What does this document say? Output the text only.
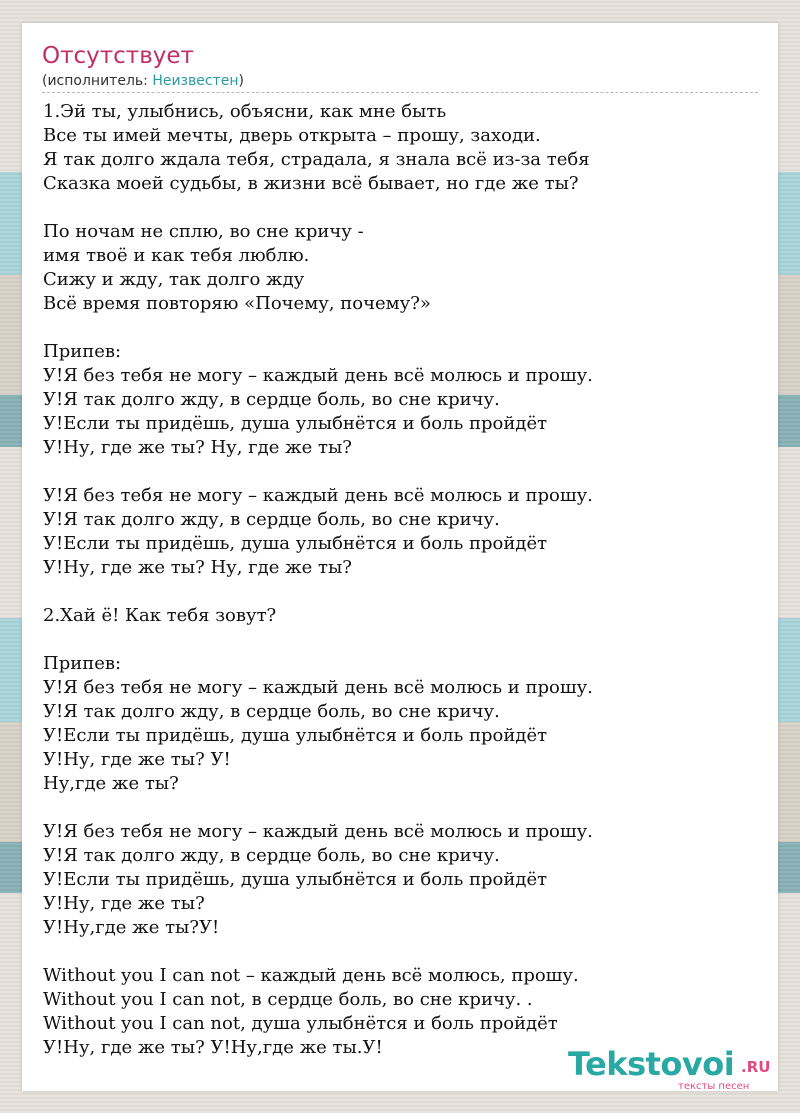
Отсутствует
(исполнитель: Неизвестен)
1.Эй ты, улыбнись, объясни, как мне быть
Все ты имей мечты, дверь открыта – прошу, заходи.
Я так долго ждала тебя, страдала, я знала всё из-за тебя
Сказка моей судьбы, в жизни всё бывает, но где же ты?
По ночам не сплю, во сне кричу -
имя твоё и как тебя люблю.
Сижу и жду, так долго жду
Всё время повторяю «Почему, почему?»
Припев:
У!Я без тебя не могу – каждый день всё молюсь и прошу.
У!Я так долго жду, в сердце боль, во сне кричу.
У!Если ты придёшь, душа улыбнётся и боль пройдёт
У!Ну, где же ты? Ну, где же ты?
У!Я без тебя не могу – каждый день всё молюсь и прошу.
У!Я так долго жду, в сердце боль, во сне кричу.
У!Если ты придёшь, душа улыбнётся и боль пройдёт
У!Ну, где же ты? Ну, где же ты?
2.Хай ё! Как тебя зовут?
Припев:
У!Я без тебя не могу – каждый день всё молюсь и прошу.
У!Я так долго жду, в сердце боль, во сне кричу.
У!Если ты придёшь, душа улыбнётся и боль пройдёт
У!Ну, где же ты? У!
Ну,где же ты?
У!Я без тебя не могу – каждый день всё молюсь и прошу.
У!Я так долго жду, в сердце боль, во сне кричу.
У!Если ты придёшь, душа улыбнётся и боль пройдёт
У!Ну, где же ты?
У!Ну,где же ты?У!
Without you I can not – каждый день всё молюсь, прошу.
Without you I can not, в сердце боль, во сне кричу. .
Without you I can not, душа улыбнётся и боль пройдёт
У!Ну, где же ты? У!Ну,где же ты.У!	Tekstovoi .RU
тексты песен
